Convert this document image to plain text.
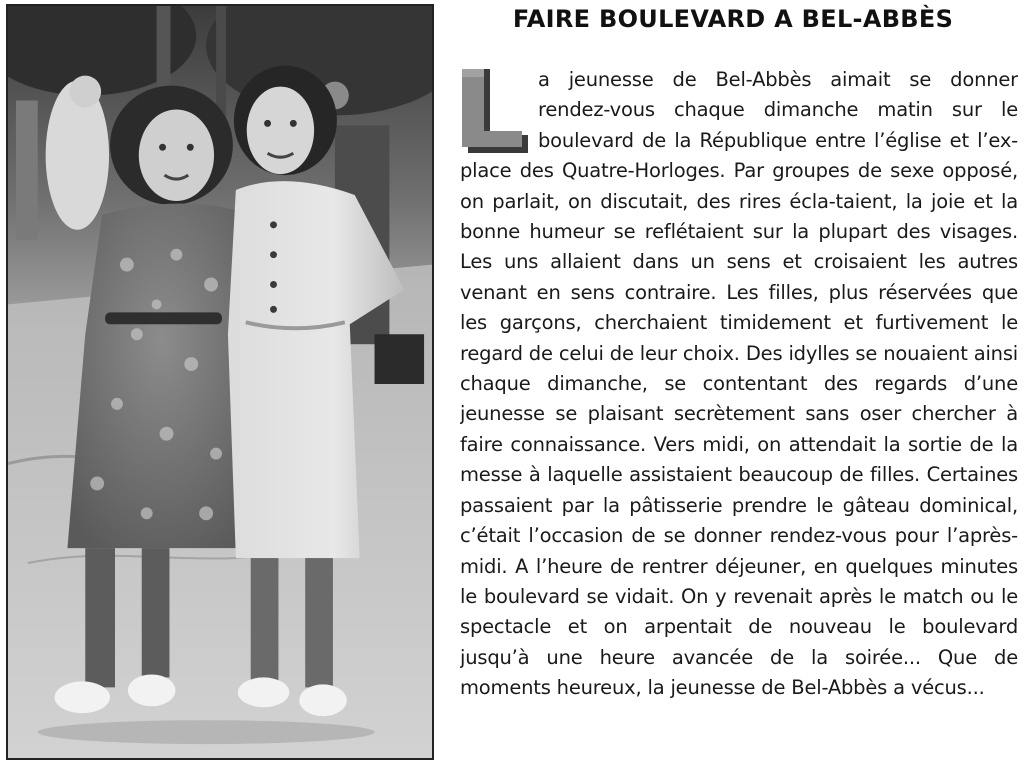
FAIRE BOULEVARD A BEL-ABBÈS
a jeunesse de Bel-Abbès aimait se donner rendez-vous chaque dimanche matin sur le boulevard de la République entre l’église et l’ex-place des Quatre-Horloges. Par groupes de sexe opposé, on parlait, on discutait, des rires écla-taient, la joie et la bonne humeur se reflétaient sur la plupart des visages. Les uns allaient dans un sens et croisaient les autres venant en sens contraire. Les filles, plus réservées que les garçons, cherchaient timidement et furtivement le regard de celui de leur choix. Des idylles se nouaient ainsi chaque dimanche, se contentant des regards d’une jeunesse se plaisant secrètement sans oser chercher à faire connaissance. Vers midi, on attendait la sortie de la messe à laquelle assistaient beaucoup de filles. Certaines passaient par la pâtisserie prendre le gâteau dominical, c’était l’occasion de se donner rendez-vous pour l’après-midi. A l’heure de rentrer déjeuner, en quelques minutes le boulevard se vidait. On y revenait après le match ou le spectacle et on arpentait de nouveau le boulevard jusqu’à une heure avancée de la soirée... Que de moments heureux, la jeunesse de Bel-Abbès a vécus...
